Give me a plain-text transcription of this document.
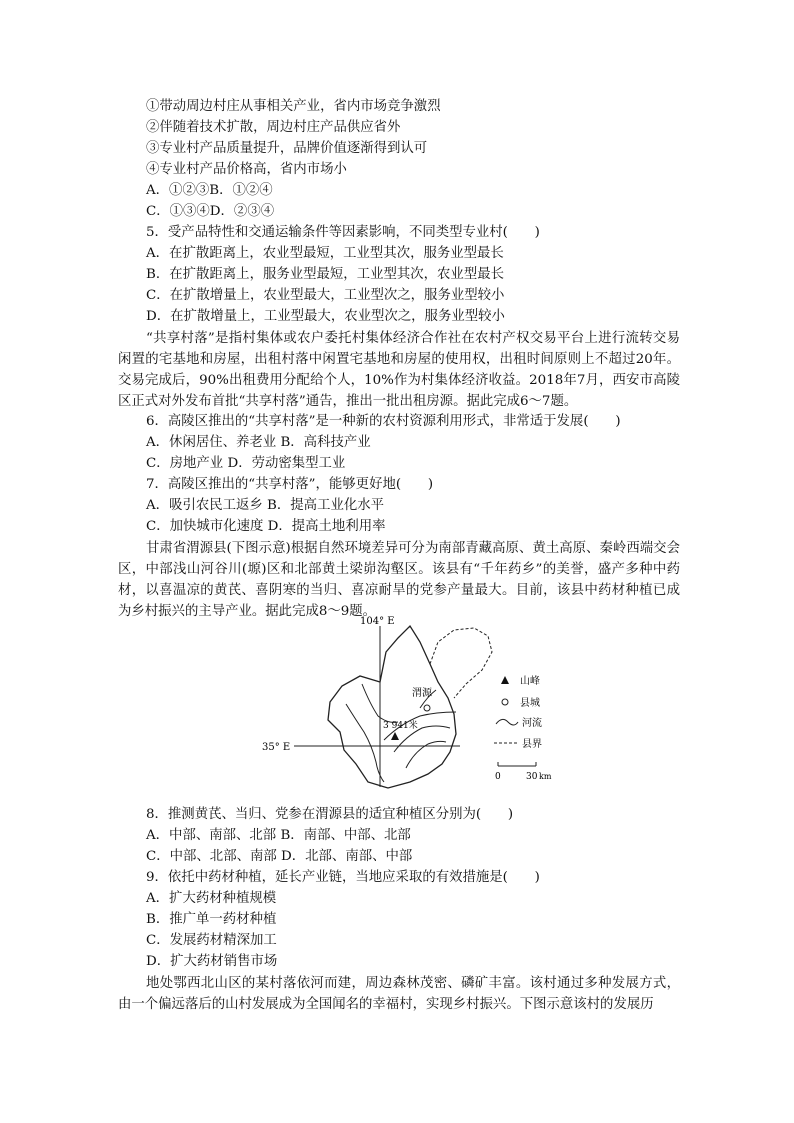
①带动周边村庄从事相关产业，省内市场竞争激烈
②伴随着技术扩散，周边村庄产品供应省外
③专业村产品质量提升，品牌价值逐渐得到认可
④专业村产品价格高，省内市场小
A．①②③B．①②④
C．①③④D．②③④
5．受产品特性和交通运输条件等因素影响，不同类型专业村(　　)
A．在扩散距离上，农业型最短，工业型其次，服务业型最长
B．在扩散距离上，服务业型最短，工业型其次，农业型最长
C．在扩散增量上，农业型最大，工业型次之，服务业型较小
D．在扩散增量上，工业型最大，农业型次之，服务业型较小
“共享村落”是指村集体或农户委托村集体经济合作社在农村产权交易平台上进行流转交易闲置的宅基地和房屋，出租村落中闲置宅基地和房屋的使用权，出租时间原则上不超过20年。交易完成后，90%出租费用分配给个人，10%作为村集体经济收益。2018年7月，西安市高陵区正式对外发布首批“共享村落”通告，推出一批出租房源。据此完成6～7题。
6．高陵区推出的“共享村落”是一种新的农村资源利用形式，非常适于发展(　　)
A．休闲居住、养老业 B．高科技产业
C．房地产业 D．劳动密集型工业
7．高陵区推出的“共享村落”，能够更好地(　　)
A．吸引农民工返乡 B．提高工业化水平
C．加快城市化速度 D．提高土地利用率
甘肃省渭源县(下图示意)根据自然环境差异可分为南部青藏高原、黄土高原、秦岭西端交会区，中部浅山河谷川(塬)区和北部黄土梁峁沟壑区。该县有“千年药乡”的美誉，盛产多种中药材，以喜温凉的黄芪、喜阴寒的当归、喜凉耐旱的党参产量最大。目前，该县中药材种植已成为乡村振兴的主导产业。据此完成8～9题。
104° E
35° E
渭源
3 941米
山峰
县城
河流
县界
0	30 km
8．推测黄芪、当归、党参在渭源县的适宜种植区分别为(　　)
A．中部、南部、北部 B．南部、中部、北部
C．中部、北部、南部 D．北部、南部、中部
9．依托中药材种植，延长产业链，当地应采取的有效措施是(　　)
A．扩大药材种植规模
B．推广单一药材种植
C．发展药材精深加工
D．扩大药材销售市场
地处鄂西北山区的某村落依河而建，周边森林茂密、磷矿丰富。该村通过多种发展方式，由一个偏远落后的山村发展成为全国闻名的幸福村，实现乡村振兴。下图示意该村的发展历
